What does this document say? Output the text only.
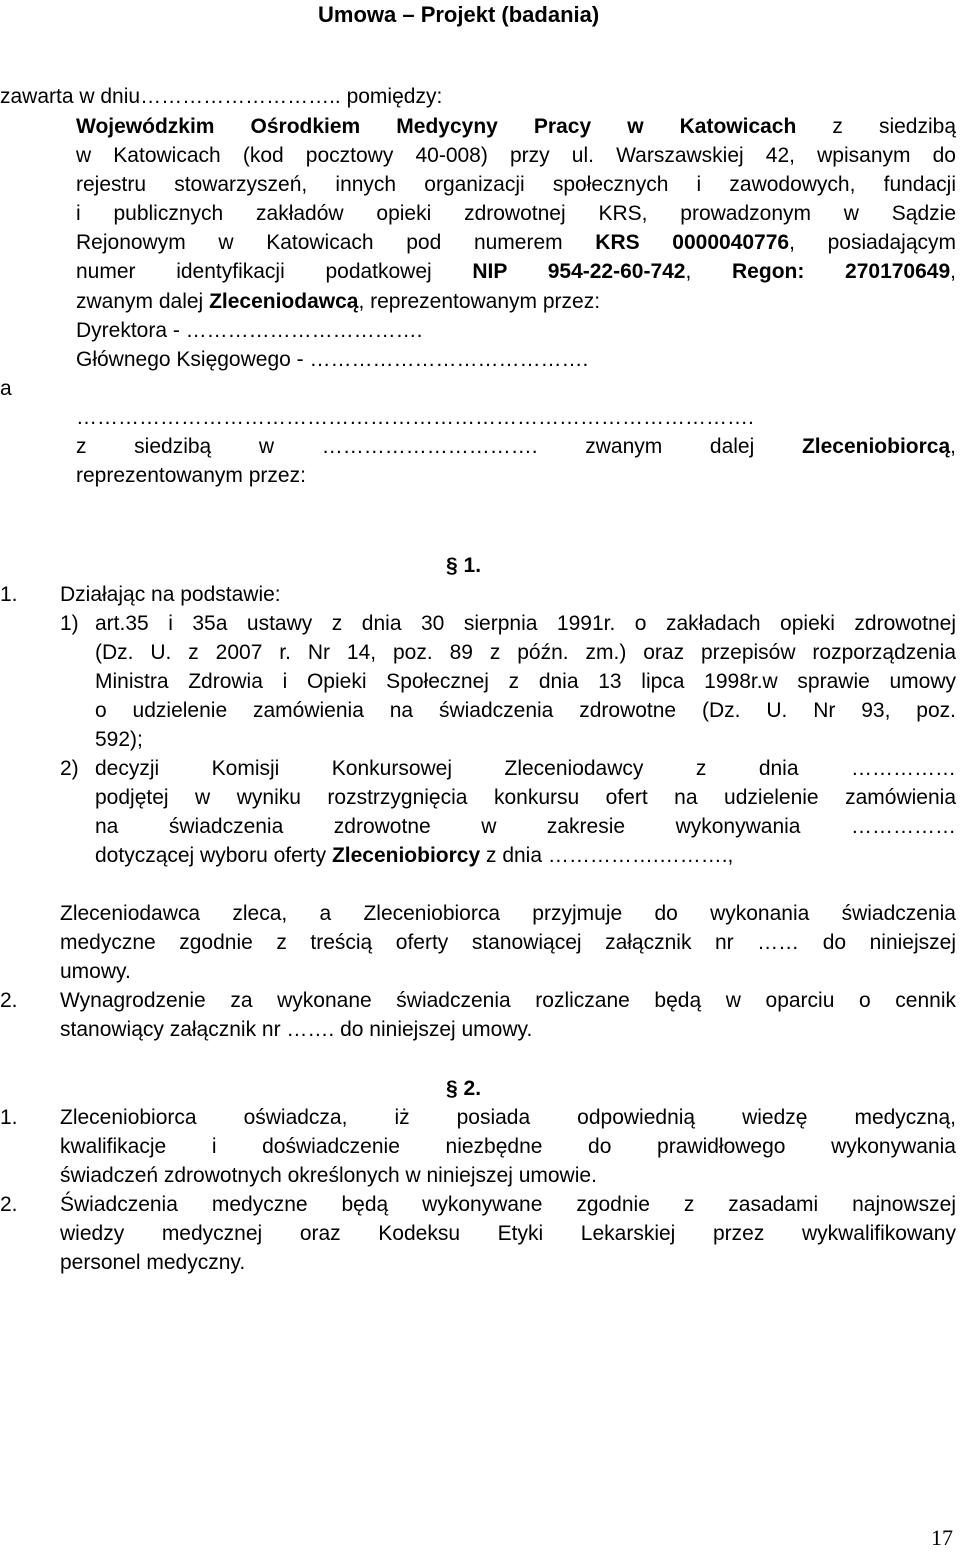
Umowa – Projekt (badania)
zawarta w dniu……………………….. pomiędzy:
Wojewódzkim Ośrodkiem Medycyny Pracy w Katowicach z siedzibą
w Katowicach (kod pocztowy 40-008) przy ul. Warszawskiej 42, wpisanym do
rejestru stowarzyszeń, innych organizacji społecznych i zawodowych, fundacji
i publicznych zakładów opieki zdrowotnej KRS, prowadzonym w Sądzie
Rejonowym w Katowicach pod numerem KRS 0000040776, posiadającym
numer identyfikacji podatkowej NIP 954-22-60-742, Regon: 270170649,
zwanym dalej Zleceniodawcą, reprezentowanym przez:
Dyrektora - …………………………….
Głównego Księgowego - ………………………………….
a
…………………………………………………………………………………….
z siedzibą w …………………………. zwanym dalej Zleceniobiorcą,
reprezentowanym przez:
§ 1.
1. Działając na podstawie:
1) art.35 i 35a ustawy z dnia 30 sierpnia 1991r. o zakładach opieki zdrowotnej
(Dz. U. z 2007 r. Nr 14, poz. 89 z późn. zm.) oraz przepisów rozporządzenia
Ministra Zdrowia i Opieki Społecznej z dnia 13 lipca 1998r.w sprawie umowy
o udzielenie zamówienia na świadczenia zdrowotne (Dz. U. Nr 93, poz.
592);
2) decyzji Komisji Konkursowej Zleceniodawcy z dnia ……………
podjętej w wyniku rozstrzygnięcia konkursu ofert na udzielenie zamówienia
na świadczenia zdrowotne w zakresie wykonywania ……………
dotyczącej wyboru oferty Zleceniobiorcy z dnia …………….……….,
Zleceniodawca zleca, a Zleceniobiorca przyjmuje do wykonania świadczenia
medyczne zgodnie z treścią oferty stanowiącej załącznik nr …… do niniejszej
umowy.
2. Wynagrodzenie za wykonane świadczenia rozliczane będą w oparciu o cennik
stanowiący załącznik nr ……. do niniejszej umowy.
§ 2.
1. Zleceniobiorca oświadcza, iż posiada odpowiednią wiedzę medyczną,
kwalifikacje i doświadczenie niezbędne do prawidłowego wykonywania
świadczeń zdrowotnych określonych w niniejszej umowie.
2. Świadczenia medyczne będą wykonywane zgodnie z zasadami najnowszej
wiedzy medycznej oraz Kodeksu Etyki Lekarskiej przez wykwalifikowany
personel medyczny.
17
